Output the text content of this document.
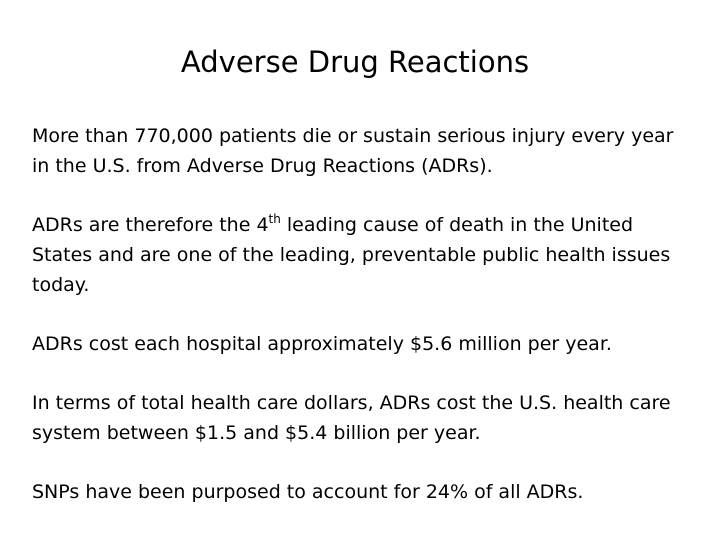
Adverse Drug Reactions

More than 770,000 patients die or sustain serious injury every year
in the U.S. from Adverse Drug Reactions (ADRs).

ADRs are therefore the 4th leading cause of death in the United
States and are one of the leading, preventable public health issues
today.

ADRs cost each hospital approximately $5.6 million per year.

In terms of total health care dollars, ADRs cost the U.S. health care
system between $1.5 and $5.4 billion per year.

SNPs have been purposed to account for 24% of all ADRs.
